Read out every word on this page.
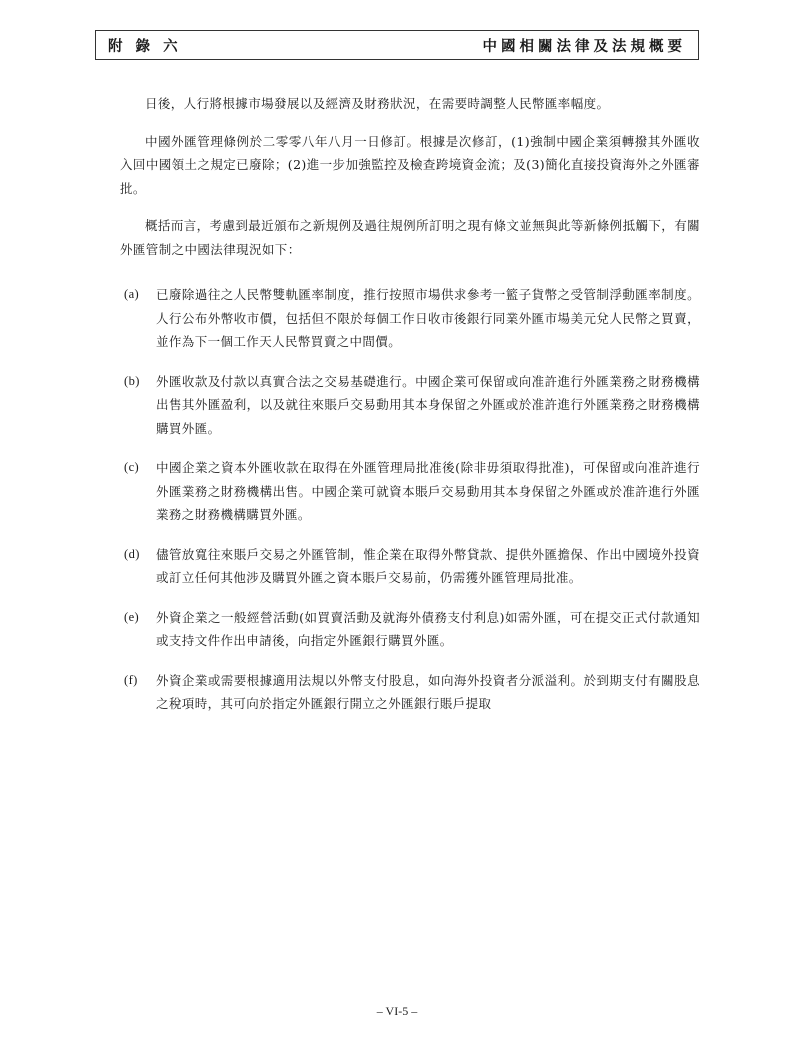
附 錄 六	中國相關法律及法規概要

日後，人行將根據市場發展以及經濟及財務狀況，在需要時調整人民幣匯率幅度。

中國外匯管理條例於二零零八年八月一日修訂。根據是次修訂，(1)強制中國企業須轉撥其外匯收入回中國領土之規定已廢除；(2)進一步加強監控及檢查跨境資金流；及(3)簡化直接投資海外之外匯審批。

概括而言，考慮到最近頒布之新規例及過往規例所訂明之現有條文並無與此等新條例抵觸下，有關外匯管制之中國法律現況如下：

(a)	已廢除過往之人民幣雙軌匯率制度，推行按照市場供求參考一籃子貨幣之受管制浮動匯率制度。人行公布外幣收市價，包括但不限於每個工作日收市後銀行同業外匯市場美元兌人民幣之買賣，並作為下一個工作天人民幣買賣之中間價。
(b)	外匯收款及付款以真實合法之交易基礎進行。中國企業可保留或向准許進行外匯業務之財務機構出售其外匯盈利，以及就往來賬戶交易動用其本身保留之外匯或於准許進行外匯業務之財務機構購買外匯。
(c)	中國企業之資本外匯收款在取得在外匯管理局批准後(除非毋須取得批准)，可保留或向准許進行外匯業務之財務機構出售。中國企業可就資本賬戶交易動用其本身保留之外匯或於准許進行外匯業務之財務機構購買外匯。
(d)	儘管放寬往來賬戶交易之外匯管制，惟企業在取得外幣貸款、提供外匯擔保、作出中國境外投資或訂立任何其他涉及購買外匯之資本賬戶交易前，仍需獲外匯管理局批准。
(e)	外資企業之一般經營活動(如買賣活動及就海外債務支付利息)如需外匯，可在提交正式付款通知或支持文件作出申請後，向指定外匯銀行購買外匯。
(f)	外資企業或需要根據適用法規以外幣支付股息，如向海外投資者分派溢利。於到期支付有關股息之稅項時，其可向於指定外匯銀行開立之外匯銀行賬戶提取
– VI-5 –
